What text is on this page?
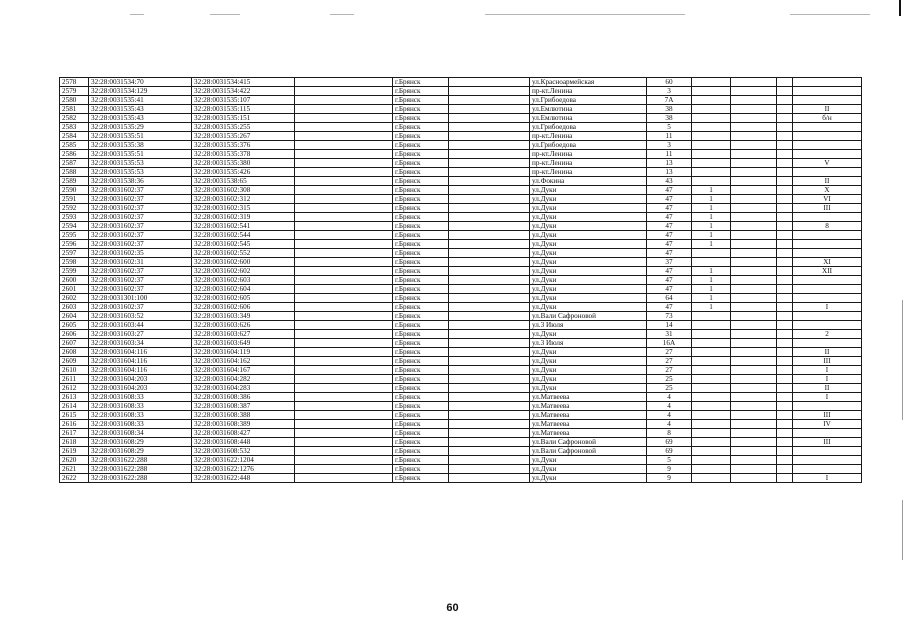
2578	32:28:0031534:70	32:28:0031534:415		г.Брянск		ул.Красноармейская	60				
2579	32:28:0031534:129	32:28:0031534:422		г.Брянск		пр-кт.Ленина	3				
2580	32:28:0031535:41	32:28:0031535:107		г.Брянск		ул.Грибоедова	7А				
2581	32:28:0031535:43	32:28:0031535:115		г.Брянск		ул.Емлютина	38				II
2582	32:28:0031535:43	32:28:0031535:151		г.Брянск		ул.Емлютина	38				б/н
2583	32:28:0031535:29	32:28:0031535:255		г.Брянск		ул.Грибоедова	5				
2584	32:28:0031535:51	32:28:0031535:267		г.Брянск		пр-кт.Ленина	11				
2585	32:28:0031535:38	32:28:0031535:376		г.Брянск		ул.Грибоедова	3				
2586	32:28:0031535:51	32:28:0031535:378		г.Брянск		пр-кт.Ленина	11				
2587	32:28:0031535:53	32:28:0031535:380		г.Брянск		пр-кт.Ленина	13				V
2588	32:28:0031535:53	32:28:0031535:426		г.Брянск		пр-кт.Ленина	13				
2589	32:28:0031538:36	32:28:0031538:65		г.Брянск		ул.Фокина	43				II
2590	32:28:0031602:37	32:28:0031602:308		г.Брянск		ул.Дуки	47	1			X
2591	32:28:0031602:37	32:28:0031602:312		г.Брянск		ул.Дуки	47	1			VI
2592	32:28:0031602:37	32:28:0031602:315		г.Брянск		ул.Дуки	47	1			III
2593	32:28:0031602:37	32:28:0031602:319		г.Брянск		ул.Дуки	47	1			
2594	32:28:0031602:37	32:28:0031602:541		г.Брянск		ул.Дуки	47	1			8
2595	32:28:0031602:37	32:28:0031602:544		г.Брянск		ул.Дуки	47	1			
2596	32:28:0031602:37	32:28:0031602:545		г.Брянск		ул.Дуки	47	1			
2597	32:28:0031602:35	32:28:0031602:552		г.Брянск		ул.Дуки	47				
2598	32:28:0031602:31	32:28:0031602:600		г.Брянск		ул.Дуки	37				XI
2599	32:28:0031602:37	32:28:0031602:602		г.Брянск		ул.Дуки	47	1			XII
2600	32:28:0031602:37	32:28:0031602:603		г.Брянск		ул.Дуки	47	1			
2601	32:28:0031602:37	32:28:0031602:604		г.Брянск		ул.Дуки	47	1			
2602	32:28:0031301:100	32:28:0031602:605		г.Брянск		ул.Дуки	64	1			
2603	32:28:0031602:37	32:28:0031602:606		г.Брянск		ул.Дуки	47	1			I
2604	32:28:0031603:52	32:28:0031603:349		г.Брянск		ул.Вали Сафроновой	73				
2605	32:28:0031603:44	32:28:0031603:626		г.Брянск		ул.3 Июля	14				
2606	32:28:0031603:27	32:28:0031603:627		г.Брянск		ул.Дуки	31				2
2607	32:28:0031603:34	32:28:0031603:649		г.Брянск		ул.3 Июля	16А				
2608	32:28:0031604:116	32:28:0031604:119		г.Брянск		ул.Дуки	27				II
2609	32:28:0031604:116	32:28:0031604:162		г.Брянск		ул.Дуки	27				III
2610	32:28:0031604:116	32:28:0031604:167		г.Брянск		ул.Дуки	27				I
2611	32:28:0031604:203	32:28:0031604:282		г.Брянск		ул.Дуки	25				I
2612	32:28:0031604:203	32:28:0031604:283		г.Брянск		ул.Дуки	25				II
2613	32:28:0031608:33	32:28:0031608:386		г.Брянск		ул.Матвеева	4				I
2614	32:28:0031608:33	32:28:0031608:387		г.Брянск		ул.Матвеева	4				
2615	32:28:0031608:33	32:28:0031608:388		г.Брянск		ул.Матвеева	4				III
2616	32:28:0031608:33	32:28:0031608:389		г.Брянск		ул.Матвеева	4				IV
2617	32:28:0031608:34	32:28:0031608:427		г.Брянск		ул.Матвеева	8				
2618	32:28:0031608:29	32:28:0031608:448		г.Брянск		ул.Вали Сафроновой	69				III
2619	32:28:0031608:29	32:28:0031608:532		г.Брянск		ул.Вали Сафроновой	69				
2620	32:28:0031622:288	32:28:0031622:1204		г.Брянск		ул.Дуки	5				
2621	32:28:0031622:288	32:28:0031622:1276		г.Брянск		ул.Дуки	9				
2622	32:28:0031622:288	32:28:0031622:448		г.Брянск		ул.Дуки	9				I
60
